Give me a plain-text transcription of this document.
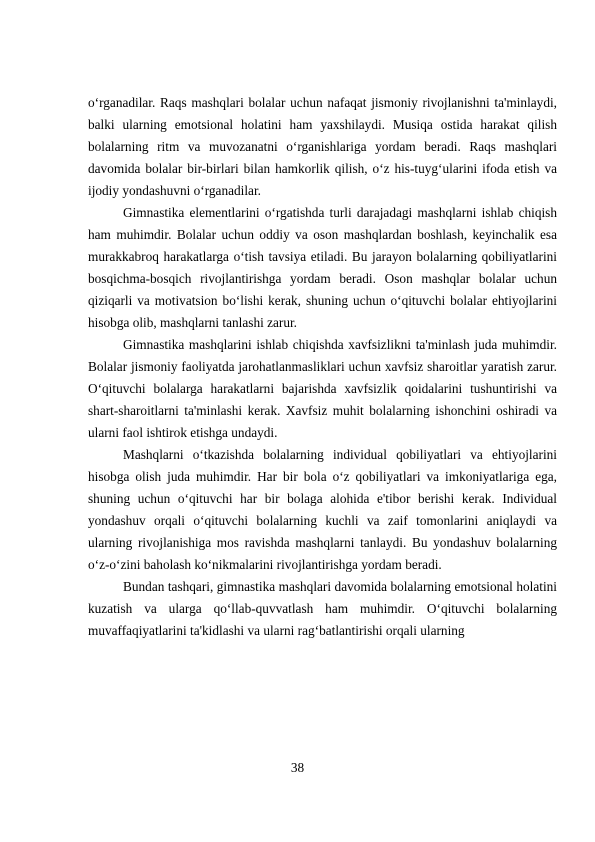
o‘rganadilar. Raqs mashqlari bolalar uchun nafaqat jismoniy rivojlanishni ta'minlaydi, balki ularning emotsional holatini ham yaxshilaydi. Musiqa ostida harakat qilish bolalarning ritm va muvozanatni o‘rganishlariga yordam beradi. Raqs mashqlari davomida bolalar bir-birlari bilan hamkorlik qilish, o‘z his-tuyg‘ularini ifoda etish va ijodiy yondashuvni o‘rganadilar.

Gimnastika elementlarini o‘rgatishda turli darajadagi mashqlarni ishlab chiqish ham muhimdir. Bolalar uchun oddiy va oson mashqlardan boshlash, keyinchalik esa murakkabroq harakatlarga o‘tish tavsiya etiladi. Bu jarayon bolalarning qobiliyatlarini bosqichma-bosqich rivojlantirishga yordam beradi. Oson mashqlar bolalar uchun qiziqarli va motivatsion bo‘lishi kerak, shuning uchun o‘qituvchi bolalar ehtiyojlarini hisobga olib, mashqlarni tanlashi zarur.

Gimnastika mashqlarini ishlab chiqishda xavfsizlikni ta'minlash juda muhimdir. Bolalar jismoniy faoliyatda jarohatlanmasliklari uchun xavfsiz sharoitlar yaratish zarur. O‘qituvchi bolalarga harakatlarni bajarishda xavfsizlik qoidalarini tushuntirishi va shart-sharoitlarni ta'minlashi kerak. Xavfsiz muhit bolalarning ishonchini oshiradi va ularni faol ishtirok etishga undaydi.

Mashqlarni o‘tkazishda bolalarning individual qobiliyatlari va ehtiyojlarini hisobga olish juda muhimdir. Har bir bola o‘z qobiliyatlari va imkoniyatlariga ega, shuning uchun o‘qituvchi har bir bolaga alohida e'tibor berishi kerak. Individual yondashuv orqali o‘qituvchi bolalarning kuchli va zaif tomonlarini aniqlaydi va ularning rivojlanishiga mos ravishda mashqlarni tanlaydi. Bu yondashuv bolalarning o‘z-o‘zini baholash ko‘nikmalarini rivojlantirishga yordam beradi.

Bundan tashqari, gimnastika mashqlari davomida bolalarning emotsional holatini kuzatish va ularga qo‘llab-quvvatlash ham muhimdir. O‘qituvchi bolalarning muvaffaqiyatlarini ta'kidlashi va ularni rag‘batlantirishi orqali ularning

38
